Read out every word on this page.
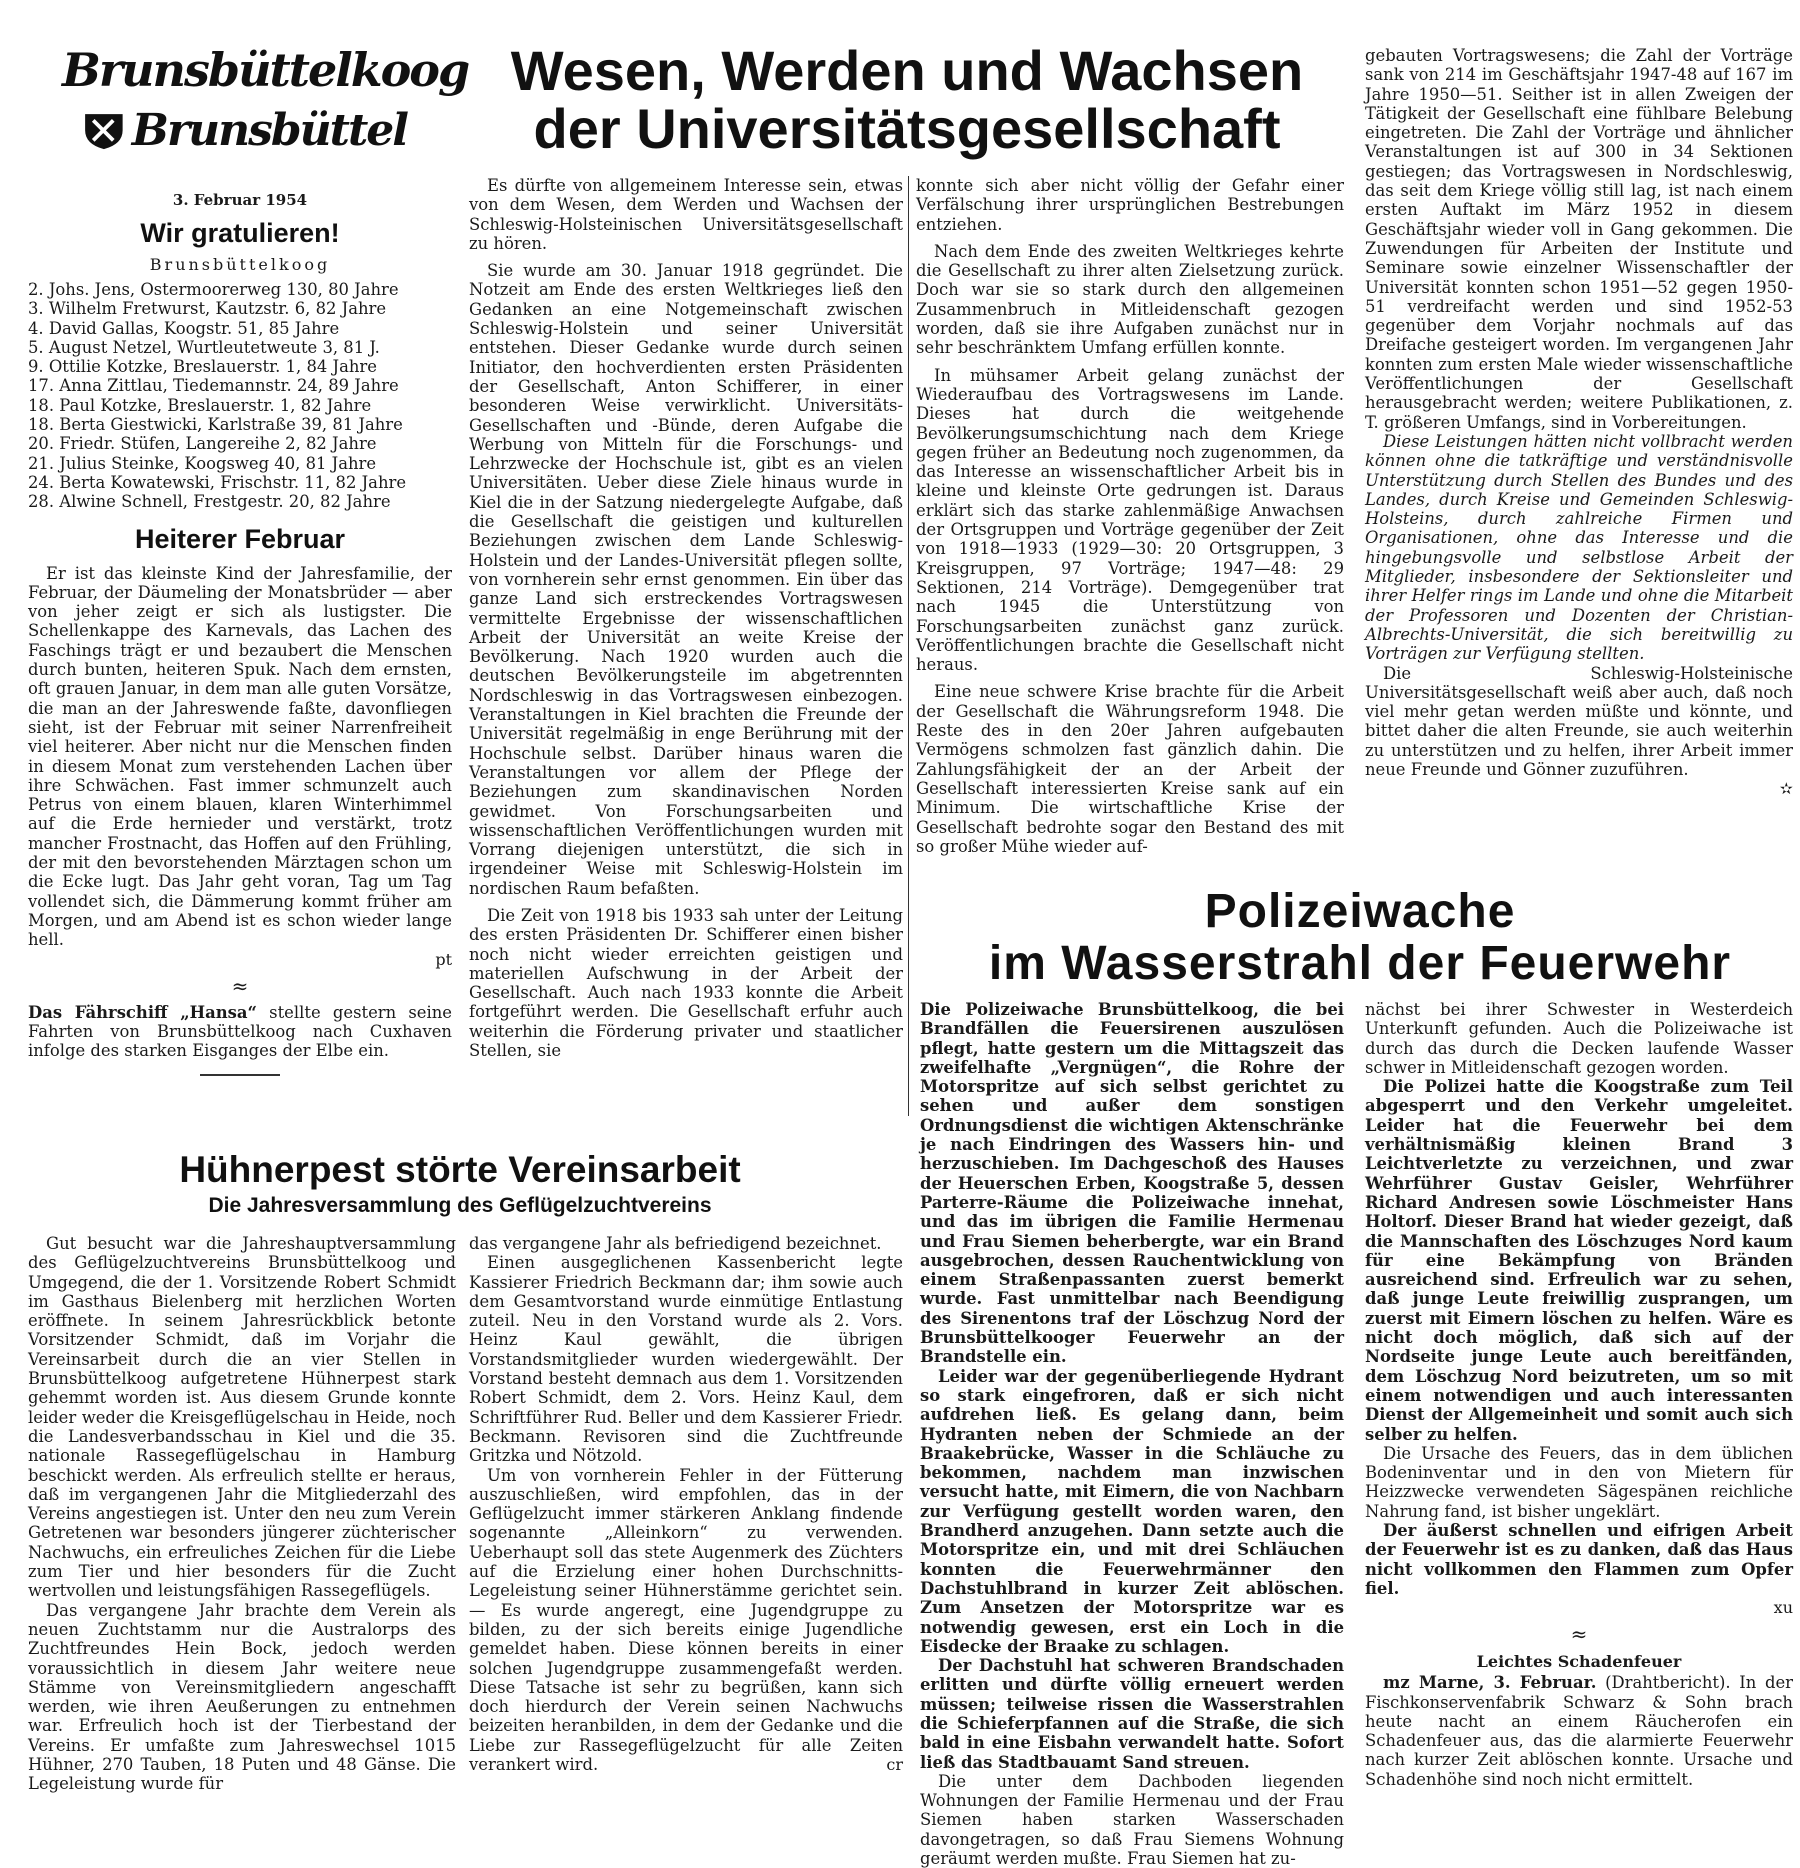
Brunsbüttelkoog
Brunsbüttel
3. Februar 1954
Wir gratulieren!
Brunsbüttelkoog
2. Johs. Jens, Ostermoorerweg 130, 80 Jahre
3. Wilhelm Fretwurst, Kautzstr. 6, 82 Jahre
4. David Gallas, Koogstr. 51, 85 Jahre
5. August Netzel, Wurtleutetweute 3, 81 J.
9. Ottilie Kotzke, Breslauerstr. 1, 84 Jahre
17. Anna Zittlau, Tiedemannstr. 24, 89 Jahre
18. Paul Kotzke, Breslauerstr. 1, 82 Jahre
18. Berta Giestwicki, Karlstraße 39, 81 Jahre
20. Friedr. Stüfen, Langereihe 2, 82 Jahre
21. Julius Steinke, Koogsweg 40, 81 Jahre
24. Berta Kowatewski, Frischstr. 11, 82 Jahre
28. Alwine Schnell, Frestgestr. 20, 82 Jahre
Heiterer Februar

Er ist das kleinste Kind der Jahresfamilie, der Februar, der Däumeling der Monatsbrüder — aber von jeher zeigt er sich als lustigster. Die Schellenkappe des Karnevals, das Lachen des Faschings trägt er und bezaubert die Menschen durch bunten, heiteren Spuk. Nach dem ernsten, oft grauen Januar, in dem man alle guten Vorsätze, die man an der Jahreswende faßte, davonfliegen sieht, ist der Februar mit seiner Narrenfreiheit viel heiterer. Aber nicht nur die Menschen finden in diesem Monat zum verstehenden Lachen über ihre Schwächen. Fast immer schmunzelt auch Petrus von einem blauen, klaren Winterhimmel auf die Erde hernieder und verstärkt, trotz mancher Frostnacht, das Hoffen auf den Frühling, der mit den bevorstehenden Märztagen schon um die Ecke lugt. Das Jahr geht voran, Tag um Tag vollendet sich, die Dämmerung kommt früher am Morgen, und am Abend ist es schon wieder lange hell.

pt
≈

Das Fährschiff „Hansa“ stellte gestern seine Fahrten von Brunsbüttelkoog nach Cuxhaven infolge des starken Eisganges der Elbe ein.

Wesen, Werden und Wachsen
der Universitätsgesellschaft

Es dürfte von allgemeinem Interesse sein, etwas von dem Wesen, dem Werden und Wachsen der Schleswig-Holsteinischen Universitätsgesellschaft zu hören.

Sie wurde am 30. Januar 1918 gegründet. Die Notzeit am Ende des ersten Weltkrieges ließ den Gedanken an eine Notgemeinschaft zwischen Schleswig-Holstein und seiner Universität entstehen. Dieser Gedanke wurde durch seinen Initiator, den hochverdienten ersten Präsidenten der Gesellschaft, Anton Schifferer, in einer besonderen Weise verwirklicht. Universitäts-Gesellschaften und -Bünde, deren Aufgabe die Werbung von Mitteln für die Forschungs- und Lehrzwecke der Hochschule ist, gibt es an vielen Universitäten. Ueber diese Ziele hinaus wurde in Kiel die in der Satzung niedergelegte Aufgabe, daß die Gesellschaft die geistigen und kulturellen Beziehungen zwischen dem Lande Schleswig-Holstein und der Landes-Universität pflegen sollte, von vornherein sehr ernst genommen. Ein über das ganze Land sich erstreckendes Vortragswesen vermittelte Ergebnisse der wissenschaftlichen Arbeit der Universität an weite Kreise der Bevölkerung. Nach 1920 wurden auch die deutschen Bevölkerungsteile im abgetrennten Nordschleswig in das Vortragswesen einbezogen. Veranstaltungen in Kiel brachten die Freunde der Universität regelmäßig in enge Berührung mit der Hochschule selbst. Darüber hinaus waren die Veranstaltungen vor allem der Pflege der Beziehungen zum skandinavischen Norden gewidmet. Von Forschungsarbeiten und wissenschaftlichen Veröffentlichungen wurden mit Vorrang diejenigen unterstützt, die sich in irgendeiner Weise mit Schleswig-Holstein im nordischen Raum befaßten.

Die Zeit von 1918 bis 1933 sah unter der Leitung des ersten Präsidenten Dr. Schifferer einen bisher noch nicht wieder erreichten geistigen und materiellen Aufschwung in der Arbeit der Gesellschaft. Auch nach 1933 konnte die Arbeit fortgeführt werden. Die Gesellschaft erfuhr auch weiterhin die Förderung privater und staatlicher Stellen, sie

konnte sich aber nicht völlig der Gefahr einer Verfälschung ihrer ursprünglichen Bestrebungen entziehen.

Nach dem Ende des zweiten Weltkrieges kehrte die Gesellschaft zu ihrer alten Zielsetzung zurück. Doch war sie so stark durch den allgemeinen Zusammenbruch in Mitleidenschaft gezogen worden, daß sie ihre Aufgaben zunächst nur in sehr beschränktem Umfang erfüllen konnte.

In mühsamer Arbeit gelang zunächst der Wiederaufbau des Vortragswesens im Lande. Dieses hat durch die weitgehende Bevölkerungsumschichtung nach dem Kriege gegen früher an Bedeutung noch zugenommen, da das Interesse an wissenschaftlicher Arbeit bis in kleine und kleinste Orte gedrungen ist. Daraus erklärt sich das starke zahlenmäßige Anwachsen der Ortsgruppen und Vorträge gegenüber der Zeit von 1918—1933 (1929—30: 20 Ortsgruppen, 3 Kreisgruppen, 97 Vorträge; 1947—48: 29 Sektionen, 214 Vorträge). Demgegenüber trat nach 1945 die Unterstützung von Forschungsarbeiten zunächst ganz zurück. Veröffentlichungen brachte die Gesellschaft nicht heraus.

Eine neue schwere Krise brachte für die Arbeit der Gesellschaft die Währungsreform 1948. Die Reste des in den 20er Jahren aufgebauten Vermögens schmolzen fast gänzlich dahin. Die Zahlungsfähigkeit der an der Arbeit der Gesellschaft interessierten Kreise sank auf ein Minimum. Die wirtschaftliche Krise der Gesellschaft bedrohte sogar den Bestand des mit so großer Mühe wieder auf-

gebauten Vortragswesens; die Zahl der Vorträge sank von 214 im Geschäftsjahr 1947-48 auf 167 im Jahre 1950—51. Seither ist in allen Zweigen der Tätigkeit der Gesellschaft eine fühlbare Belebung eingetreten. Die Zahl der Vorträge und ähnlicher Veranstaltungen ist auf 300 in 34 Sektionen gestiegen; das Vortragswesen in Nordschleswig, das seit dem Kriege völlig still lag, ist nach einem ersten Auftakt im März 1952 in diesem Geschäftsjahr wieder voll in Gang gekommen. Die Zuwendungen für Arbeiten der Institute und Seminare sowie einzelner Wissenschaftler der Universität konnten schon 1951—52 gegen 1950-51 verdreifacht werden und sind 1952-53 gegenüber dem Vorjahr nochmals auf das Dreifache gesteigert worden. Im vergangenen Jahr konnten zum ersten Male wieder wissenschaftliche Veröffentlichungen der Gesellschaft herausgebracht werden; weitere Publikationen, z. T. größeren Umfangs, sind in Vorbereitungen.

Diese Leistungen hätten nicht vollbracht werden können ohne die tatkräftige und verständnisvolle Unterstützung durch Stellen des Bundes und des Landes, durch Kreise und Gemeinden Schleswig-Holsteins, durch zahlreiche Firmen und Organisationen, ohne das Interesse und die hingebungsvolle und selbstlose Arbeit der Mitglieder, insbesondere der Sektionsleiter und ihrer Helfer rings im Lande und ohne die Mitarbeit der Professoren und Dozenten der Christian-Albrechts-Universität, die sich bereitwillig zu Vorträgen zur Verfügung stellten.

Die Schleswig-Holsteinische Universitätsgesellschaft weiß aber auch, daß noch viel mehr getan werden müßte und könnte, und bittet daher die alten Freunde, sie auch weiterhin zu unterstützen und zu helfen, ihrer Arbeit immer neue Freunde und Gönner zuzuführen.

✫
Polizeiwache
im Wasserstrahl der Feuerwehr

Die Polizeiwache Brunsbüttelkoog, die bei Brandfällen die Feuersirenen auszulösen pflegt, hatte gestern um die Mittagszeit das zweifelhafte „Vergnügen“, die Rohre der Motorspritze auf sich selbst gerichtet zu sehen und außer dem sonstigen Ordnungsdienst die wichtigen Aktenschränke je nach Eindringen des Wassers hin- und herzuschieben. Im Dachgeschoß des Hauses der Heuerschen Erben, Koogstraße 5, dessen Parterre-Räume die Polizeiwache innehat, und das im übrigen die Familie Hermenau und Frau Siemen beherbergte, war ein Brand ausgebrochen, dessen Rauchentwicklung von einem Straßenpassanten zuerst bemerkt wurde. Fast unmittelbar nach Beendigung des Sirenentons traf der Löschzug Nord der Brunsbüttelkooger Feuerwehr an der Brandstelle ein.

Leider war der gegenüberliegende Hydrant so stark eingefroren, daß er sich nicht aufdrehen ließ. Es gelang dann, beim Hydranten neben der Schmiede an der Braakebrücke, Wasser in die Schläuche zu bekommen, nachdem man inzwischen versucht hatte, mit Eimern, die von Nachbarn zur Verfügung gestellt worden waren, den Brandherd anzugehen. Dann setzte auch die Motorspritze ein, und mit drei Schläuchen konnten die Feuerwehrmänner den Dachstuhlbrand in kurzer Zeit ablöschen. Zum Ansetzen der Motorspritze war es notwendig gewesen, erst ein Loch in die Eisdecke der Braake zu schlagen.

Der Dachstuhl hat schweren Brandschaden erlitten und dürfte völlig erneuert werden müssen; teilweise rissen die Wasserstrahlen die Schieferpfannen auf die Straße, die sich bald in eine Eisbahn verwandelt hatte. Sofort ließ das Stadtbauamt Sand streuen.

Die unter dem Dachboden liegenden Wohnungen der Familie Hermenau und der Frau Siemen haben starken Wasserschaden davongetragen, so daß Frau Siemens Wohnung geräumt werden mußte. Frau Siemen hat zu-

nächst bei ihrer Schwester in Westerdeich Unterkunft gefunden. Auch die Polizeiwache ist durch das durch die Decken laufende Wasser schwer in Mitleidenschaft gezogen worden.

Die Polizei hatte die Koogstraße zum Teil abgesperrt und den Verkehr umgeleitet. Leider hat die Feuerwehr bei dem verhältnismäßig kleinen Brand 3 Leichtverletzte zu verzeichnen, und zwar Wehrführer Gustav Geisler, Wehrführer Richard Andresen sowie Löschmeister Hans Holtorf. Dieser Brand hat wieder gezeigt, daß die Mannschaften des Löschzuges Nord kaum für eine Bekämpfung von Bränden ausreichend sind. Erfreulich war zu sehen, daß junge Leute freiwillig zusprangen, um zuerst mit Eimern löschen zu helfen. Wäre es nicht doch möglich, daß sich auf der Nordseite junge Leute auch bereitfänden, dem Löschzug Nord beizutreten, um so mit einem notwendigen und auch interessanten Dienst der Allgemeinheit und somit auch sich selber zu helfen.

Die Ursache des Feuers, das in dem üblichen Bodeninventar und in den von Mietern für Heizzwecke verwendeten Sägespänen reichliche Nahrung fand, ist bisher ungeklärt.

Der äußerst schnellen und eifrigen Arbeit der Feuerwehr ist es zu danken, daß das Haus nicht vollkommen den Flammen zum Opfer fiel.

xu
≈
Leichtes Schadenfeuer

mz Marne, 3. Februar. (Drahtbericht). In der Fischkonservenfabrik Schwarz & Sohn brach heute nacht an einem Räucherofen ein Schadenfeuer aus, das die alarmierte Feuerwehr nach kurzer Zeit ablöschen konnte. Ursache und Schadenhöhe sind noch nicht ermittelt.

Hühnerpest störte Vereinsarbeit
Die Jahresversammlung des Geflügelzuchtvereins

Gut besucht war die Jahreshauptversammlung des Geflügelzuchtvereins Brunsbüttelkoog und Umgegend, die der 1. Vorsitzende Robert Schmidt im Gasthaus Bielenberg mit herzlichen Worten eröffnete. In seinem Jahresrückblick betonte Vorsitzender Schmidt, daß im Vorjahr die Vereinsarbeit durch die an vier Stellen in Brunsbüttelkoog aufgetretene Hühnerpest stark gehemmt worden ist. Aus diesem Grunde konnte leider weder die Kreisgeflügelschau in Heide, noch die Landesverbandsschau in Kiel und die 35. nationale Rassegeflügelschau in Hamburg beschickt werden. Als erfreulich stellte er heraus, daß im vergangenen Jahr die Mitgliederzahl des Vereins angestiegen ist. Unter den neu zum Verein Getretenen war besonders jüngerer züchterischer Nachwuchs, ein erfreuliches Zeichen für die Liebe zum Tier und hier besonders für die Zucht wertvollen und leistungsfähigen Rassegeflügels.

Das vergangene Jahr brachte dem Verein als neuen Zuchtstamm nur die Australorps des Zuchtfreundes Hein Bock, jedoch werden voraussichtlich in diesem Jahr weitere neue Stämme von Vereinsmitgliedern angeschafft werden, wie ihren Aeußerungen zu entnehmen war. Erfreulich hoch ist der Tierbestand der Vereins. Er umfaßte zum Jahreswechsel 1015 Hühner, 270 Tauben, 18 Puten und 48 Gänse. Die Legeleistung wurde für

das vergangene Jahr als befriedigend bezeichnet.

Einen ausgeglichenen Kassenbericht legte Kassierer Friedrich Beckmann dar; ihm sowie auch dem Gesamtvorstand wurde einmütige Entlastung zuteil. Neu in den Vorstand wurde als 2. Vors. Heinz Kaul gewählt, die übrigen Vorstandsmitglieder wurden wiedergewählt. Der Vorstand besteht demnach aus dem 1. Vorsitzenden Robert Schmidt, dem 2. Vors. Heinz Kaul, dem Schriftführer Rud. Beller und dem Kassierer Friedr. Beckmann. Revisoren sind die Zuchtfreunde Gritzka und Nötzold.

Um von vornherein Fehler in der Fütterung auszuschließen, wird empfohlen, das in der Geflügelzucht immer stärkeren Anklang findende sogenannte „Alleinkorn“ zu verwenden. Ueberhaupt soll das stete Augenmerk des Züchters auf die Erzielung einer hohen Durchschnitts-Legeleistung seiner Hühnerstämme gerichtet sein. — Es wurde angeregt, eine Jugendgruppe zu bilden, zu der sich bereits einige Jugendliche gemeldet haben. Diese können bereits in einer solchen Jugendgruppe zusammengefaßt werden. Diese Tatsache ist sehr zu begrüßen, kann sich doch hierdurch der Verein seinen Nachwuchs beizeiten heranbilden, in dem der Gedanke und die Liebe zur Rassegeflügelzucht für alle Zeiten verankert wird.	cr
